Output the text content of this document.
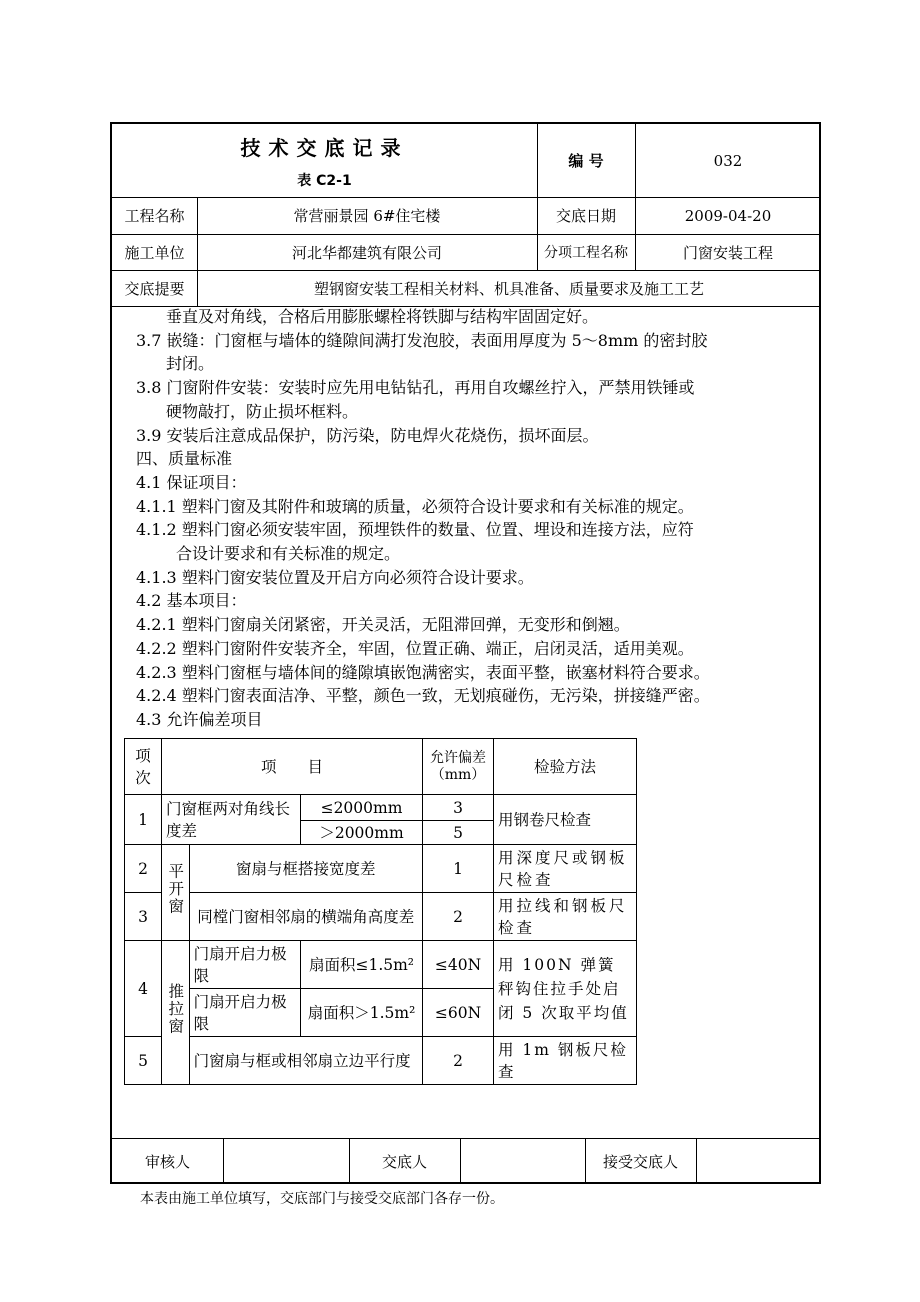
技术交底记录
表 C2-1
编 号	032
工程名称	常营丽景园 6#住宅楼	交底日期	2009-04-20
施工单位	河北华都建筑有限公司	分项工程名称	门窗安装工程
交底提要	塑钢窗安装工程相关材料、机具准备、质量要求及施工工艺
审核人	交底人	接受交底人

垂直及对角线，合格后用膨胀螺栓将铁脚与结构牢固固定好。

3.7 嵌缝：门窗框与墙体的缝隙间满打发泡胶，表面用厚度为 5～8mm 的密封胶

封闭。

3.8 门窗附件安装：安装时应先用电钻钻孔，再用自攻螺丝拧入，严禁用铁锤或

硬物敲打，防止损坏框料。

3.9 安装后注意成品保护，防污染，防电焊火花烧伤，损坏面层。

四、质量标准

4.1 保证项目：

4.1.1 塑料门窗及其附件和玻璃的质量，必须符合设计要求和有关标准的规定。

4.1.2 塑料门窗必须安装牢固，预埋铁件的数量、位置、埋设和连接方法，应符

合设计要求和有关标准的规定。

4.1.3 塑料门窗安装位置及开启方向必须符合设计要求。

4.2 基本项目：

4.2.1 塑料门窗扇关闭紧密，开关灵活，无阻滞回弹，无变形和倒翘。

4.2.2 塑料门窗附件安装齐全，牢固，位置正确、端正，启闭灵活，适用美观。

4.2.3 塑料门窗框与墙体间的缝隙填嵌饱满密实，表面平整，嵌塞材料符合要求。

4.2.4 塑料门窗表面洁净、平整，颜色一致，无划痕碰伤，无污染，拼接缝严密。

4.3 允许偏差项目

项次	项　　目			允许偏差（mm）	检验方法
1	门窗框两对角线长度差		≤2000mm	3	用钢卷尺检查
			＞2000mm	5	
2	平开窗	窗扇与框搭接宽度差		1	用深度尺或钢板尺检查
3		同樘门窗相邻扇的横端角高度差		2	用拉线和钢板尺检查
4	推拉窗	门扇开启力极限	扇面积≤1.5m²	≤40N	用 100N 弹簧秤钩住拉手处启闭 5 次取平均值
		门扇开启力极限	扇面积＞1.5m²	≤60N	
5		门窗扇与框或相邻扇立边平行度		2	用 1m 钢板尺检查
本表由施工单位填写，交底部门与接受交底部门各存一份。
